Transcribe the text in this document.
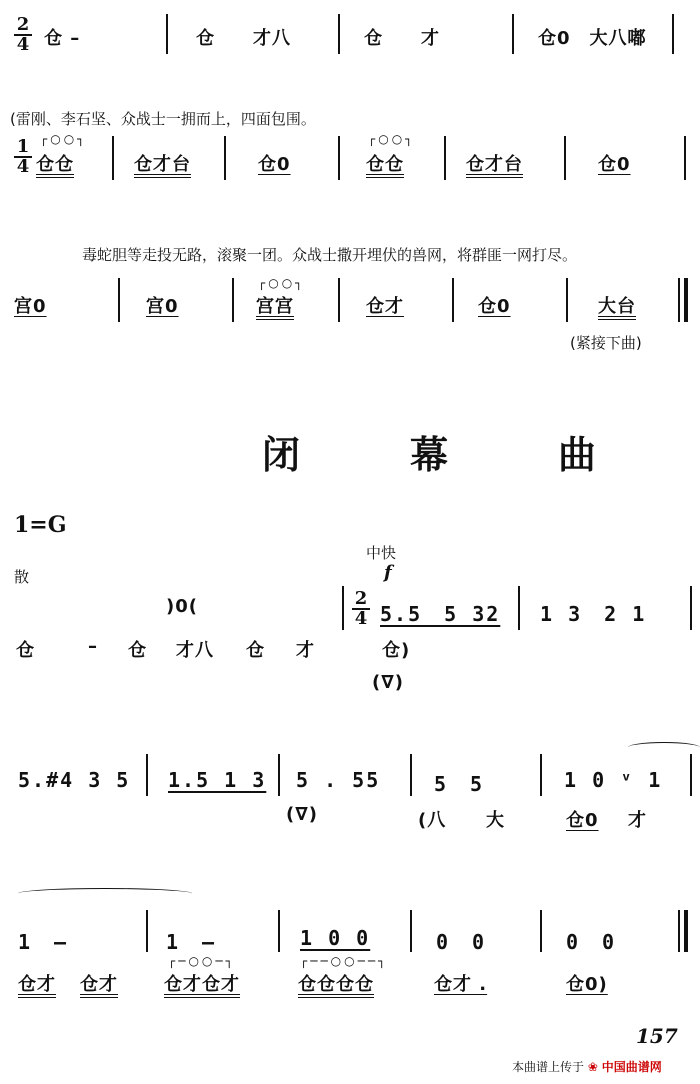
$\frac{2}{4}$ 仓 –	仓　　才八	仓　　才	仓0　大八嘟
(雷刚、李石坚、众战士一拥而上，四面包围。
$\frac{1}{4}$ ┌○○┐
仓仓	仓才台	仓0
┌○○┐
仓仓	仓才台	仓0
毒蛇胆等走投无路，滚聚一团。众战士撒开埋伏的兽网，将群匪一网打尽。
宫0	宫0
┌○○┐
宫宫	仓才	仓0	大台
(紧接下曲)
闭　幕　曲
1=G
散
中快
f
)0(	$\frac{2}{4} 5.5$　5 32 1 3　2 1
仓	– 仓 才八 仓 才	仓)
(∇)
5.#4 3 5 1.5 1 3 5 . 55	5　5	1 0 ᵛ 1
(∇)	(八 大	仓0 才
1　–	1　–	1 0 0	0　0	0　0
┌─○○─┐	┌──○○──┐
仓才 仓才	仓才仓才	仓仓仓仓	仓才 .	仓0)
157
本曲谱上传于 ❀ 中国曲谱网
